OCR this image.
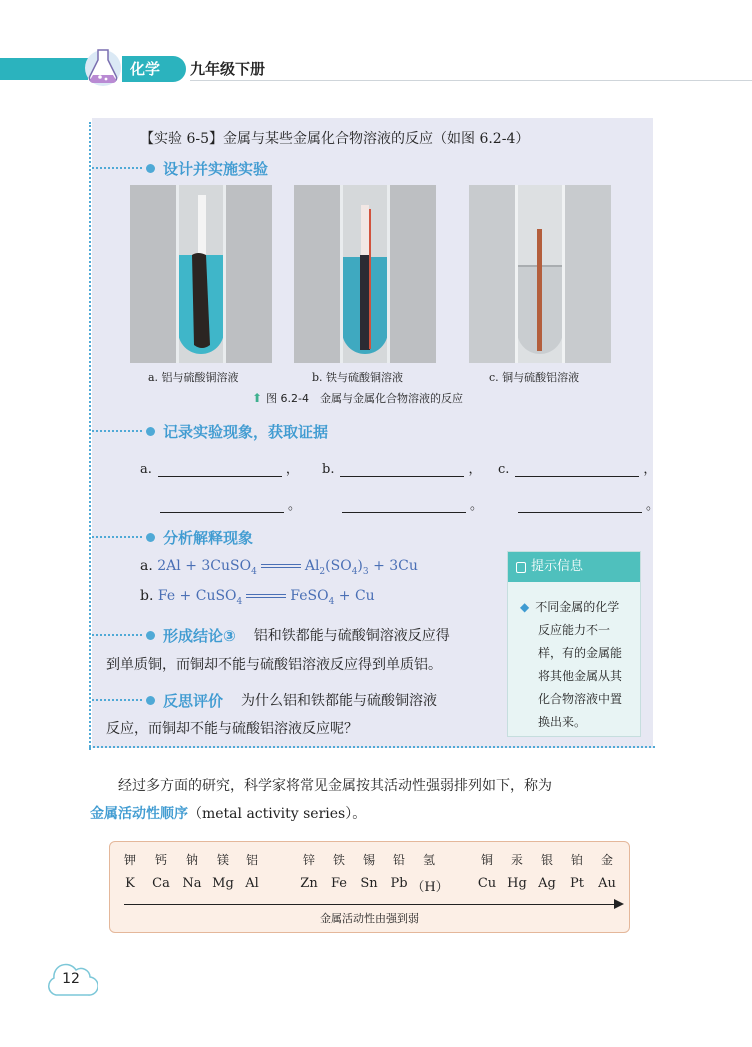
化学	九年级下册
【实验 6-5】金属与某些金属化合物溶液的反应（如图 6.2-4）
设计并实施实验
a. 铝与硫酸铜溶液	b. 铁与硫酸铜溶液	c. 铜与硫酸铝溶液
⬆ 图 6.2-4　金属与金属化合物溶液的反应
记录实验现象，获取证据
a.	， b.	， c.	，
。	。	。
分析解释现象
a. 2Al + 3CuSO$_4$	$Al_2(SO_4)_3 + 3Cu$
b. Fe + CuSO$_4$	FeSO$_4$ + Cu
形成结论③ 铝和铁都能与硫酸铜溶液反应得
到单质铜，而铜却不能与硫酸铝溶液反应得到单质铝。
反思评价 为什么铝和铁都能与硫酸铜溶液
反应，而铜却不能与硫酸铝溶液反应呢？
提示信息
◆ 不同金属的化学
反应能力不一
样，有的金属能
将其他金属从其
化合物溶液中置
换出来。
经过多方面的研究，科学家将常见金属按其活动性强弱排列如下，称为
金属活动性顺序（metal activity series）。
钾	钙	钠	镁	铝	锌	铁	锡	铅	氢	铜	汞	银	铂	金
K	Ca Na Mg Al	Zn	Fe	Sn Pb （H）	Cu Hg Ag	Pt	Au
金属活动性由强到弱
12
